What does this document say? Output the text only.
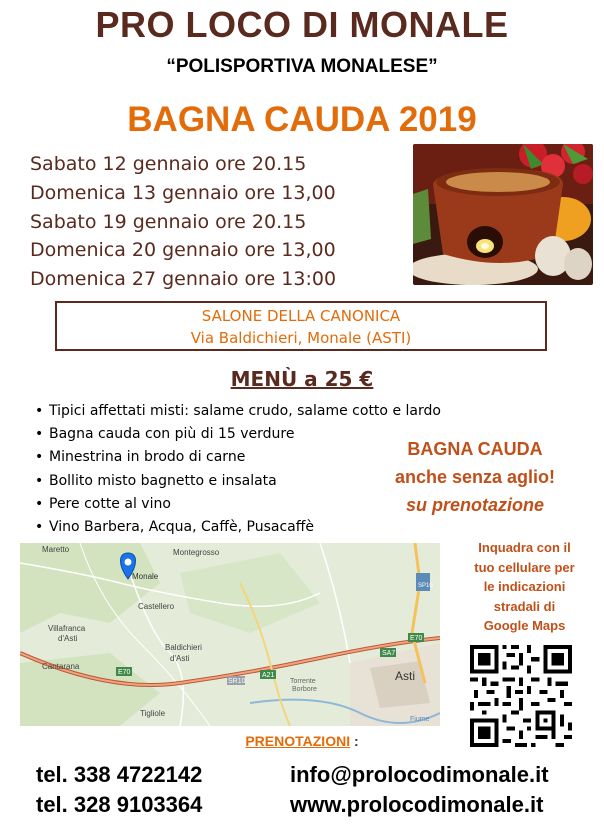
PRO LOCO DI MONALE
“POLISPORTIVA MONALESE”
BAGNA CAUDA 2019
Sabato 12 gennaio ore 20.15
Domenica 13 gennaio ore 13,00
Sabato 19 gennaio ore 20.15
Domenica 20 gennaio ore 13,00
Domenica 27 gennaio ore 13:00
SALONE DELLA CANONICA
Via Baldichieri, Monale (ASTI)
MENÙ a 25 €
• Tipici affettati misti: salame crudo, salame cotto e lardo
• Bagna cauda con più di 15 verdure
• Minestrina in brodo di carne
• Bollito misto bagnetto e insalata
• Pere cotte al vino
• Vino Barbera, Acqua, Caffè, Pusacaffè
BAGNA CAUDA
anche senza aglio!
su prenotazione
Maretto	Montegrosso
Monale
Castellero
Villafranca
d'Asti
Cantarana
Baldichieri
d'Asti
Tigliole
Asti
Torrente
Borbore
Fiume
E70
E70
A21
SR10
SP10
SA7
Inquadra con il
tuo cellulare per
le indicazioni
stradali di
Google Maps
PRENOTAZIONI :
tel. 338 4722142
tel. 328 9103364
info@prolocodimonale.it
www.prolocodimonale.it
